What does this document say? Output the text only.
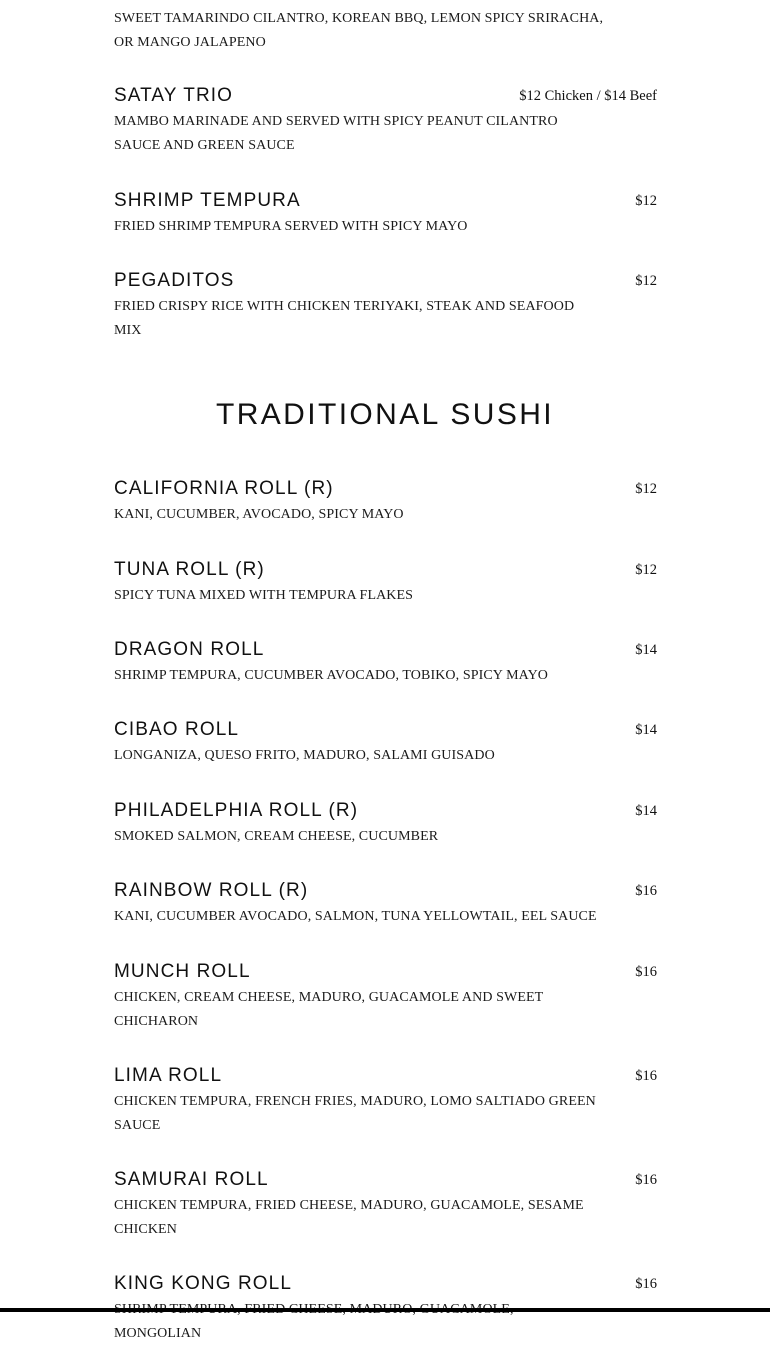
SWEET TAMARINDO CILANTRO, KOREAN BBQ, LEMON SPICY SRIRACHA, OR MANGO JALAPENO
SATAY TRIO	$12 Chicken / $14 Beef
MAMBO MARINADE AND SERVED WITH SPICY PEANUT CILANTRO SAUCE AND GREEN SAUCE
SHRIMP TEMPURA	$12
FRIED SHRIMP TEMPURA SERVED WITH SPICY MAYO
PEGADITOS	$12
FRIED CRISPY RICE WITH CHICKEN TERIYAKI, STEAK AND SEAFOOD MIX
CALIFORNIA ROLL (R)	$12
KANI, CUCUMBER, AVOCADO, SPICY MAYO
TUNA ROLL (R)	$12
SPICY TUNA MIXED WITH TEMPURA FLAKES
DRAGON ROLL	$14
SHRIMP TEMPURA, CUCUMBER AVOCADO, TOBIKO, SPICY MAYO
CIBAO ROLL	$14
LONGANIZA, QUESO FRITO, MADURO, SALAMI GUISADO
PHILADELPHIA ROLL (R)	$14
SMOKED SALMON, CREAM CHEESE, CUCUMBER
RAINBOW ROLL (R)	$16
KANI, CUCUMBER AVOCADO, SALMON, TUNA YELLOWTAIL, EEL SAUCE
MUNCH ROLL	$16
CHICKEN, CREAM CHEESE, MADURO, GUACAMOLE AND SWEET CHICHARON
LIMA ROLL	$16
CHICKEN TEMPURA, FRENCH FRIES, MADURO, LOMO SALTIADO GREEN SAUCE
SAMURAI ROLL	$16
CHICKEN TEMPURA, FRIED CHEESE, MADURO, GUACAMOLE, SESAME CHICKEN
KING KONG ROLL	$16
MONGOLIAN
TRADITIONAL SUSHI
